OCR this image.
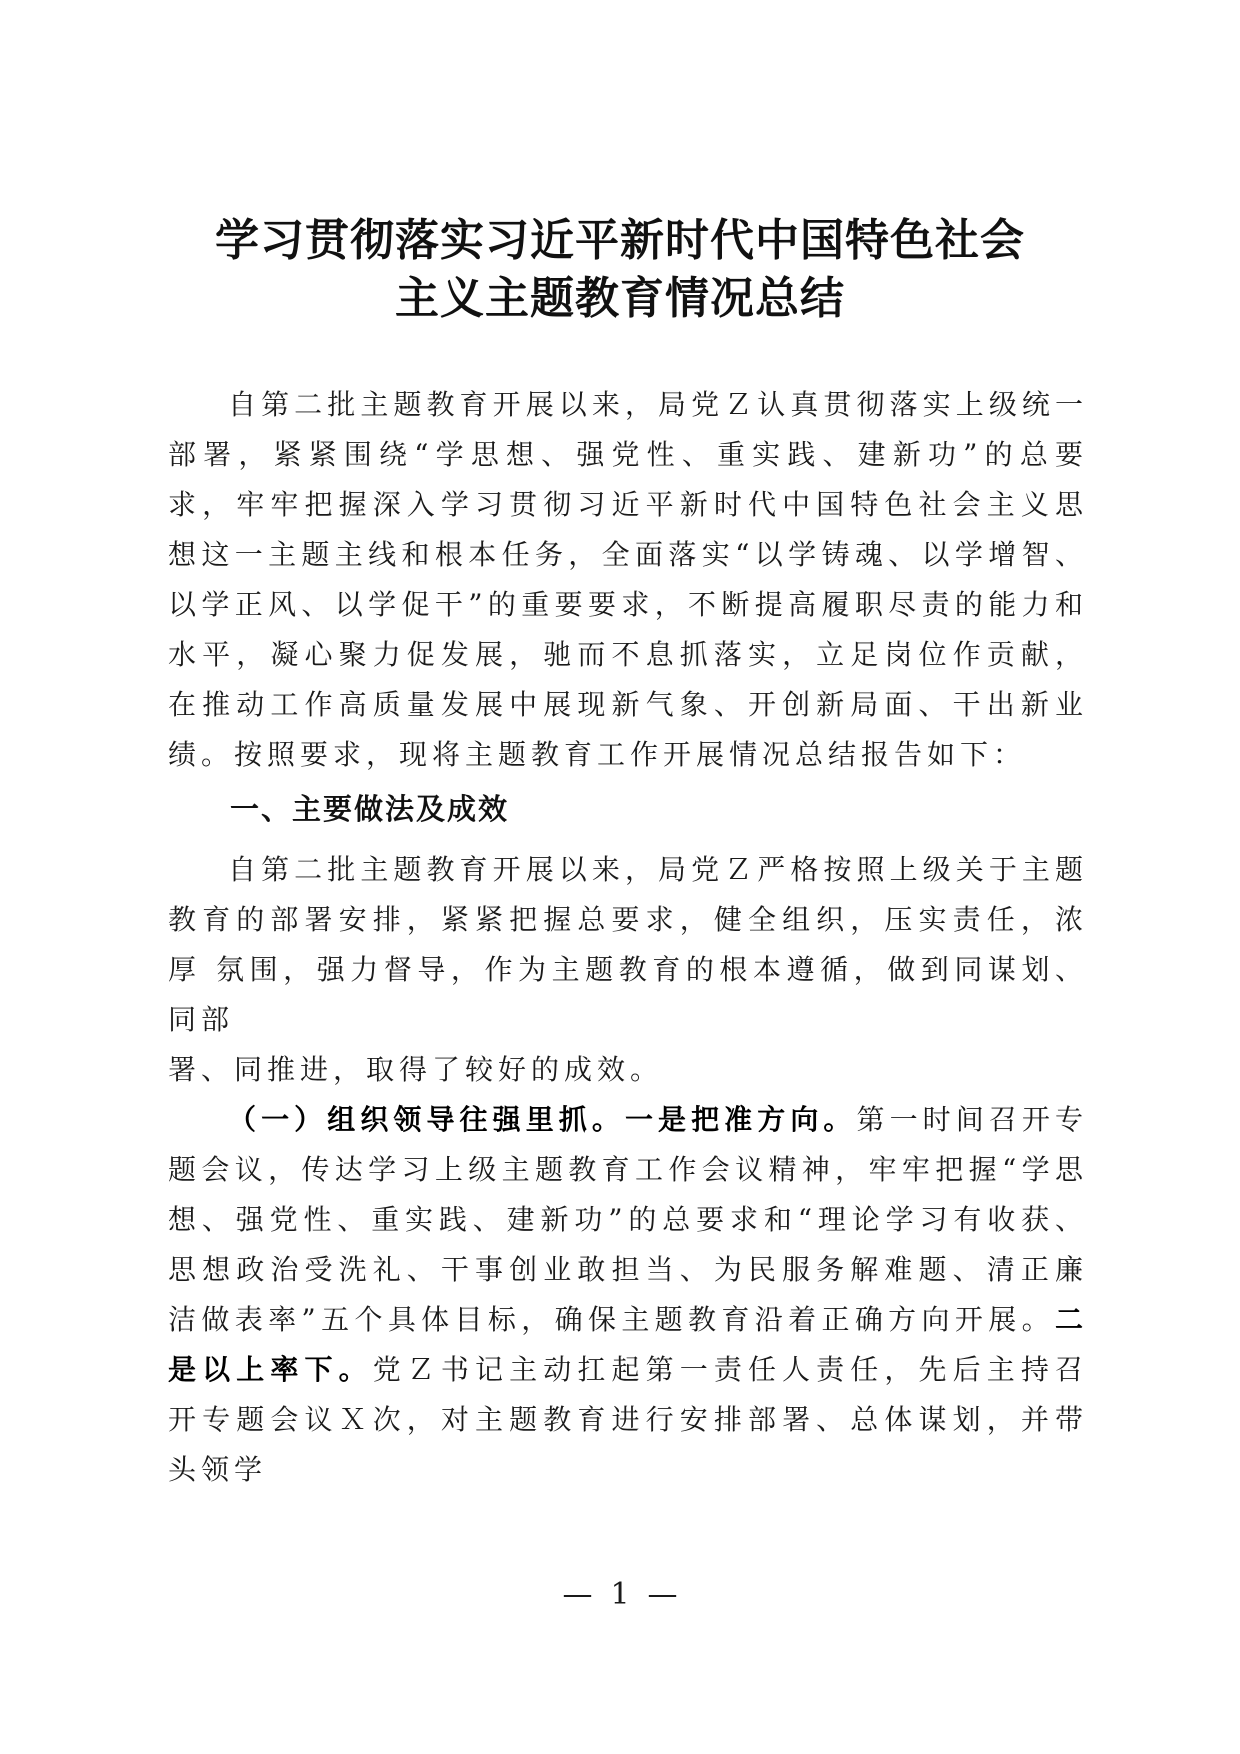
学习贯彻落实习近平新时代中国特色社会
主义主题教育情况总结
自第二批主题教育开展以来，局党Ｚ认真贯彻落实上级统一部署，紧紧围绕“学思想、强党性、重实践、建新功”的总要求，牢牢把握深入学习贯彻习近平新时代中国特色社会主义思想这一主题主线和根本任务，全面落实“以学铸魂、以学增智、以学正风、以学促干”的重要要求，不断提高履职尽责的能力和水平，凝心聚力促发展，驰而不息抓落实，立足岗位作贡献，在推动工作高质量发展中展现新气象、开创新局面、干出新业绩。按照要求，现将主题教育工作开展情况总结报告如下：
一、主要做法及成效
自第二批主题教育开展以来，局党Ｚ严格按照上级关于主题 教育的部署安排，紧紧把握总要求，健全组织，压实责任，浓厚 氛围，强力督导，作为主题教育的根本遵循，做到同谋划、同部
署、同推进，取得了较好的成效。
（一）组织领导往强里抓。一是把准方向。第一时间召开专题会议，传达学习上级主题教育工作会议精神，牢牢把握“学思想、强党性、重实践、建新功”的总要求和“理论学习有收获、思想政治受洗礼、干事创业敢担当、为民服务解难题、清正廉洁做表率”五个具体目标，确保主题教育沿着正确方向开展。二是以上率下。党Ｚ书记主动扛起第一责任人责任，先后主持召开专题会议Ｘ次，对主题教育进行安排部署、总体谋划，并带头领学
— 1 —
